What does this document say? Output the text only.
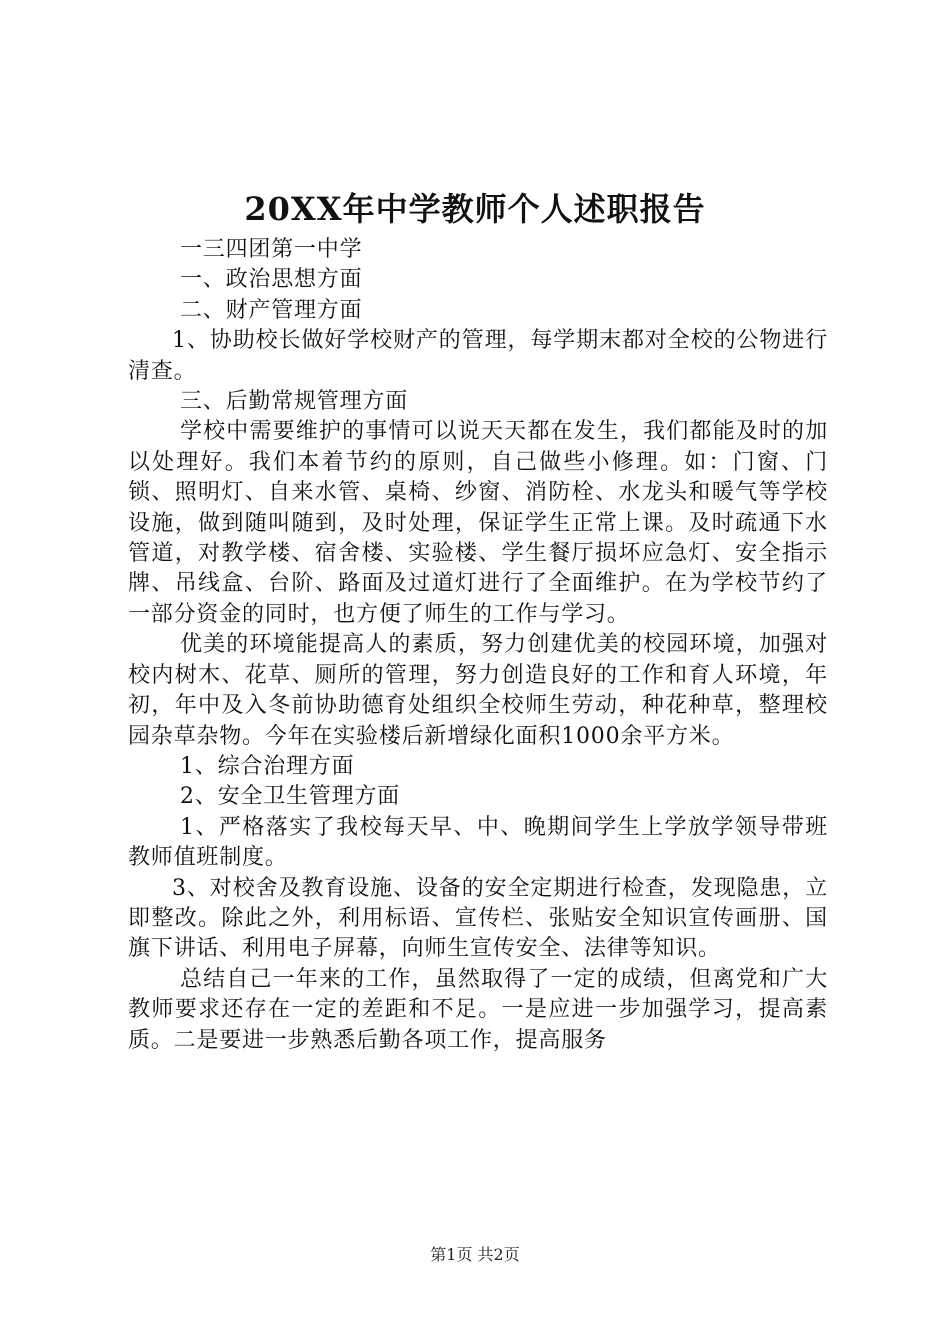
20XX年中学教师个人述职报告

一三四团第一中学

一、政治思想方面

二、财产管理方面

1、协助校长做好学校财产的管理，每学期末都对全校的公物进行清查。

三、后勤常规管理方面

学校中需要维护的事情可以说天天都在发生，我们都能及时的加以处理好。我们本着节约的原则，自己做些小修理。如：门窗、门锁、照明灯、自来水管、桌椅、纱窗、消防栓、水龙头和暖气等学校设施，做到随叫随到，及时处理，保证学生正常上课。及时疏通下水管道，对教学楼、宿舍楼、实验楼、学生餐厅损坏应急灯、安全指示牌、吊线盒、台阶、路面及过道灯进行了全面维护。在为学校节约了一部分资金的同时，也方便了师生的工作与学习。

优美的环境能提高人的素质，努力创建优美的校园环境，加强对校内树木、花草、厕所的管理，努力创造良好的工作和育人环境，年初，年中及入冬前协助德育处组织全校师生劳动，种花种草，整理校园杂草杂物。今年在实验楼后新增绿化面积1000余平方米。

1、综合治理方面

2、安全卫生管理方面

1、严格落实了我校每天早、中、晚期间学生上学放学领导带班教师值班制度。

3、对校舍及教育设施、设备的安全定期进行检查，发现隐患，立即整改。除此之外，利用标语、宣传栏、张贴安全知识宣传画册、国旗下讲话、利用电子屏幕，向师生宣传安全、法律等知识。

总结自己一年来的工作，虽然取得了一定的成绩，但离党和广大教师要求还存在一定的差距和不足。一是应进一步加强学习，提高素质。二是要进一步熟悉后勤各项工作，提高服务

第1页 共2页
